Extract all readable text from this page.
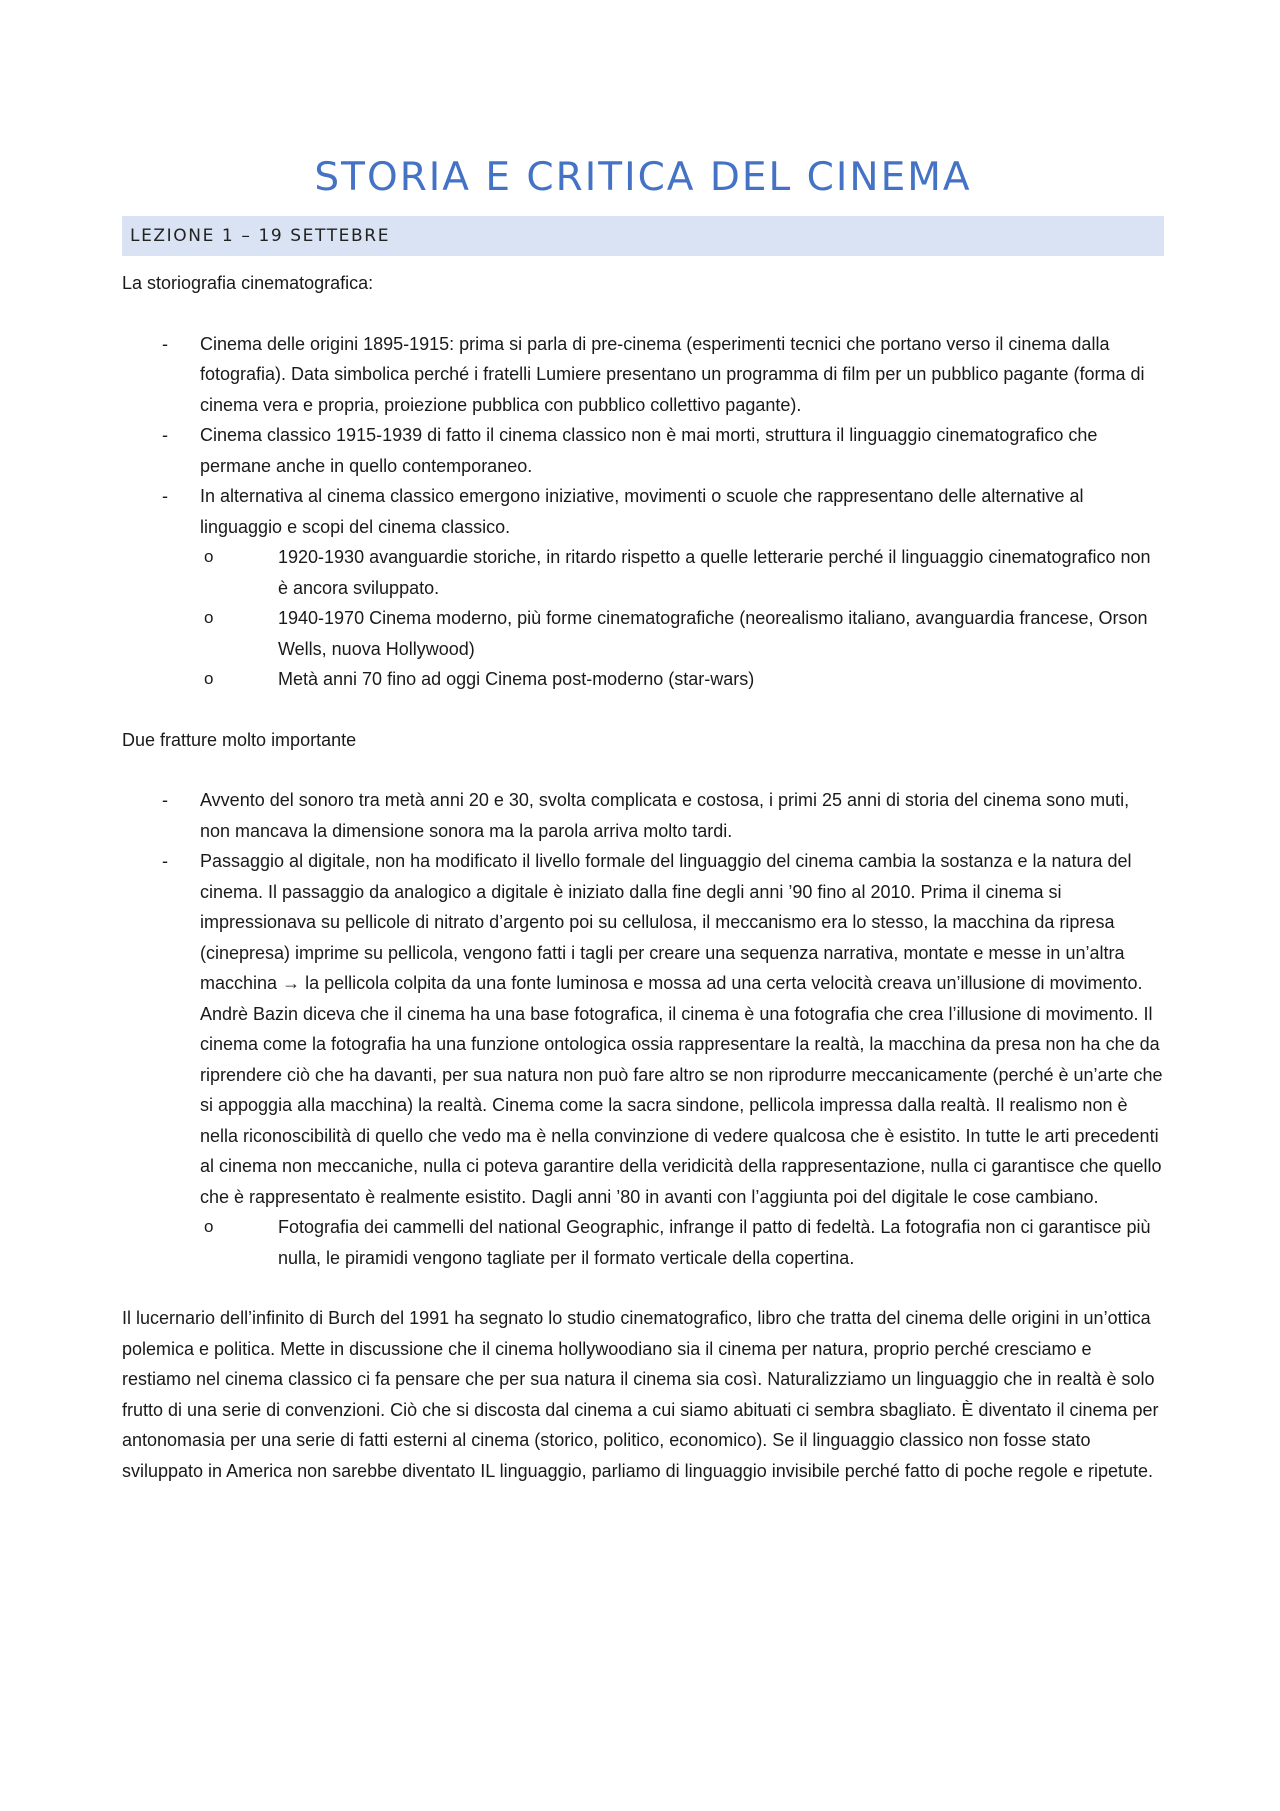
STORIA E CRITICA DEL CINEMA
LEZIONE 1 – 19 SETTEBRE

La storiografia cinematografica:

- Cinema delle origini 1895-1915: prima si parla di pre-cinema (esperimenti tecnici che portano verso il cinema dalla fotografia). Data simbolica perché i fratelli Lumiere presentano un programma di film per un pubblico pagante (forma di cinema vera e propria, proiezione pubblica con pubblico collettivo pagante).
- Cinema classico 1915-1939 di fatto il cinema classico non è mai morti, struttura il linguaggio cinematografico che permane anche in quello contemporaneo.
- In alternativa al cinema classico emergono iniziative, movimenti o scuole che rappresentano delle alternative al linguaggio e scopi del cinema classico.
o	1920-1930 avanguardie storiche, in ritardo rispetto a quelle letterarie perché il linguaggio cinematografico non è ancora sviluppato.
o	1940-1970 Cinema moderno, più forme cinematografiche (neorealismo italiano, avanguardia francese, Orson Wells, nuova Hollywood)
o	Metà anni 70 fino ad oggi Cinema post-moderno (star-wars)

Due fratture molto importante

- Avvento del sonoro tra metà anni 20 e 30, svolta complicata e costosa, i primi 25 anni di storia del cinema sono muti, non mancava la dimensione sonora ma la parola arriva molto tardi.
- Passaggio al digitale, non ha modificato il livello formale del linguaggio del cinema cambia la sostanza e la natura del cinema. Il passaggio da analogico a digitale è iniziato dalla fine degli anni ’90 fino al 2010. Prima il cinema si impressionava su pellicole di nitrato d’argento poi su cellulosa, il meccanismo era lo stesso, la macchina da ripresa (cinepresa) imprime su pellicola, vengono fatti i tagli per creare una sequenza narrativa, montate e messe in un’altra macchina → la pellicola colpita da una fonte luminosa e mossa ad una certa velocità creava un’illusione di movimento. Andrè Bazin diceva che il cinema ha una base fotografica, il cinema è una fotografia che crea l’illusione di movimento. Il cinema come la fotografia ha una funzione ontologica ossia rappresentare la realtà, la macchina da presa non ha che da riprendere ciò che ha davanti, per sua natura non può fare altro se non riprodurre meccanicamente (perché è un’arte che si appoggia alla macchina) la realtà. Cinema come la sacra sindone, pellicola impressa dalla realtà. Il realismo non è nella riconoscibilità di quello che vedo ma è nella convinzione di vedere qualcosa che è esistito. In tutte le arti precedenti al cinema non meccaniche, nulla ci poteva garantire della veridicità della rappresentazione, nulla ci garantisce che quello che è rappresentato è realmente esistito. Dagli anni ’80 in avanti con l’aggiunta poi del digitale le cose cambiano.
o	Fotografia dei cammelli del national Geographic, infrange il patto di fedeltà. La fotografia non ci garantisce più nulla, le piramidi vengono tagliate per il formato verticale della copertina.

Il lucernario dell’infinito di Burch del 1991 ha segnato lo studio cinematografico, libro che tratta del cinema delle origini in un’ottica polemica e politica. Mette in discussione che il cinema hollywoodiano sia il cinema per natura, proprio perché cresciamo e restiamo nel cinema classico ci fa pensare che per sua natura il cinema sia così. Naturalizziamo un linguaggio che in realtà è solo frutto di una serie di convenzioni. Ciò che si discosta dal cinema a cui siamo abituati ci sembra sbagliato. È diventato il cinema per antonomasia per una serie di fatti esterni al cinema (storico, politico, economico). Se il linguaggio classico non fosse stato sviluppato in America non sarebbe diventato IL linguaggio, parliamo di linguaggio invisibile perché fatto di poche regole e ripetute.
